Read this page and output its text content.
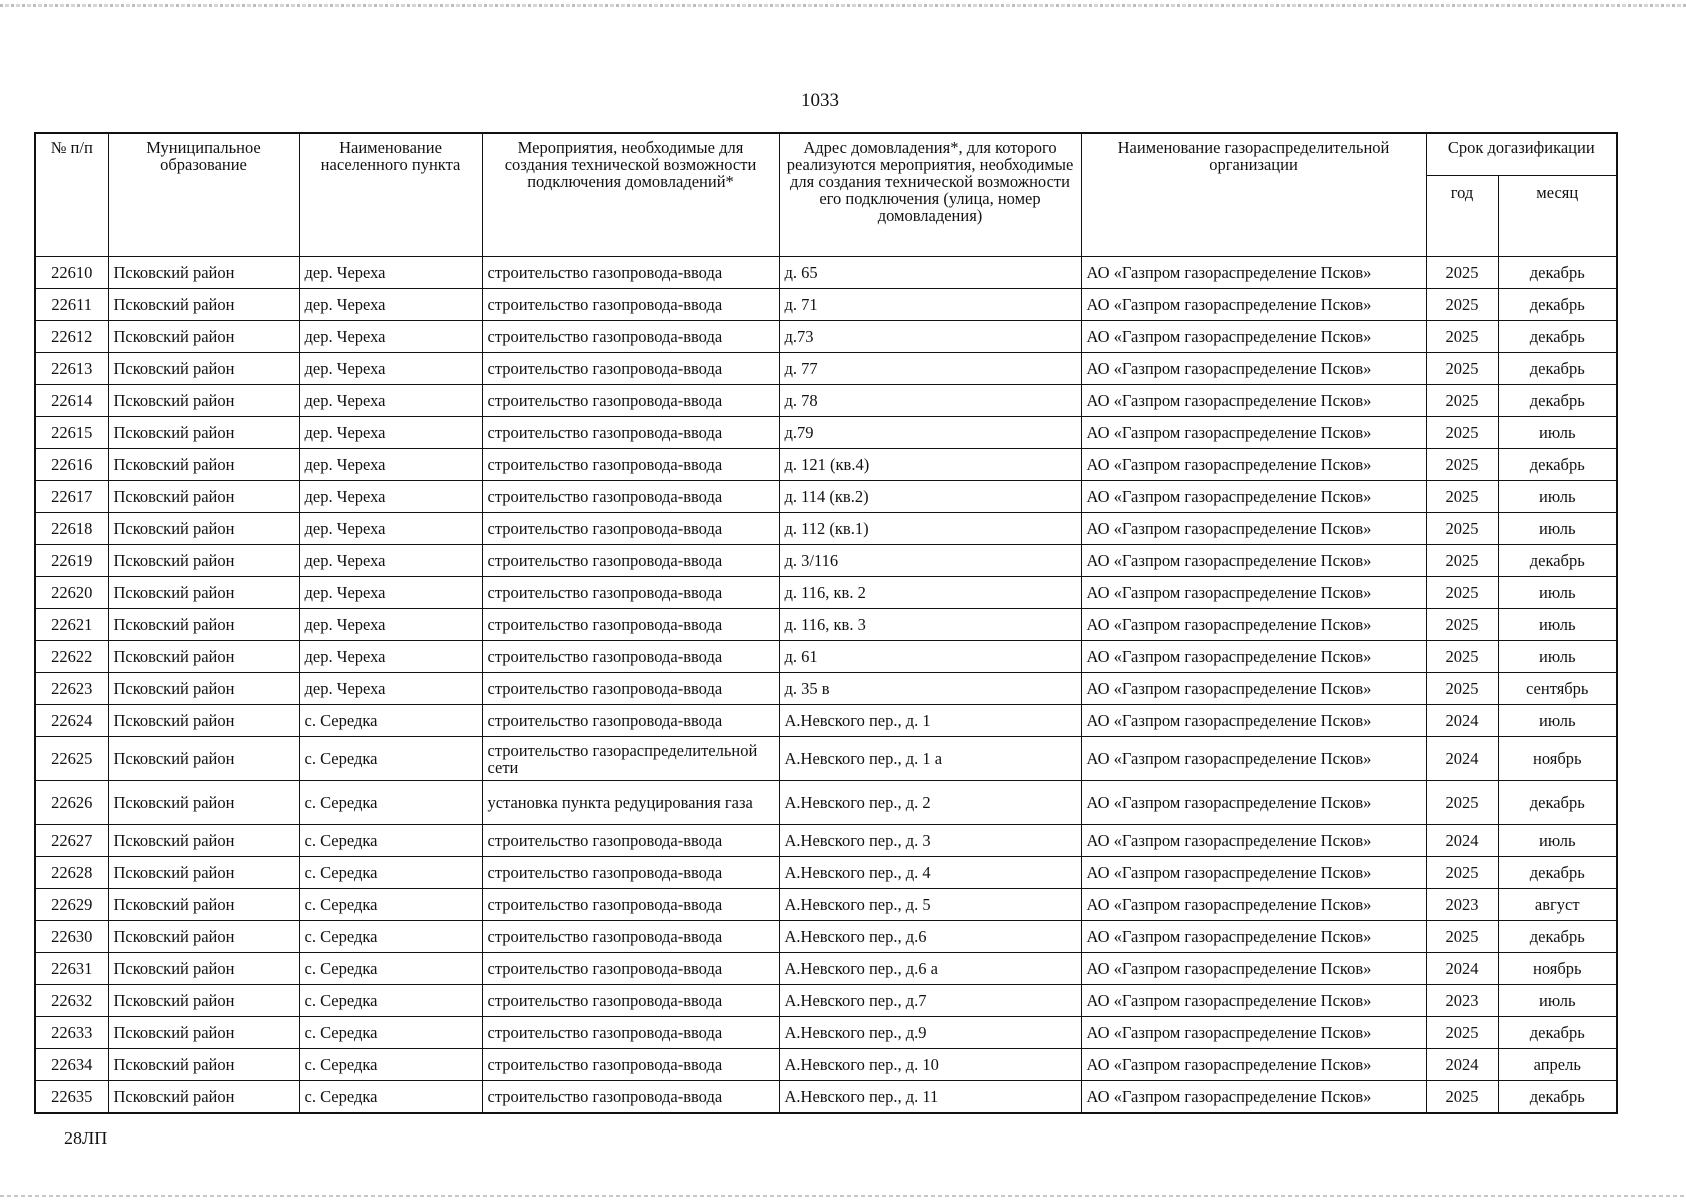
1033
№ п/п	Муниципальное образование	Наименование населенного пункта	Мероприятия, необходимые для создания технической возможности подключения домовладений*	Адрес домовладения*, для которого реализуются мероприятия, необходимые для создания технической возможности его подключения (улица, номер домовладения)	Наименование газораспределительной организации	Срок догазификации	
						год	месяц
22610	Псковский район	дер. Череха	строительство газопровода-ввода	д. 65	АО «Газпром газораспределение Псков»	2025	декабрь
22611	Псковский район	дер. Череха	строительство газопровода-ввода	д. 71	АО «Газпром газораспределение Псков»	2025	декабрь
22612	Псковский район	дер. Череха	строительство газопровода-ввода	д.73	АО «Газпром газораспределение Псков»	2025	декабрь
22613	Псковский район	дер. Череха	строительство газопровода-ввода	д. 77	АО «Газпром газораспределение Псков»	2025	декабрь
22614	Псковский район	дер. Череха	строительство газопровода-ввода	д. 78	АО «Газпром газораспределение Псков»	2025	декабрь
22615	Псковский район	дер. Череха	строительство газопровода-ввода	д.79	АО «Газпром газораспределение Псков»	2025	июль
22616	Псковский район	дер. Череха	строительство газопровода-ввода	д. 121 (кв.4)	АО «Газпром газораспределение Псков»	2025	декабрь
22617	Псковский район	дер. Череха	строительство газопровода-ввода	д. 114 (кв.2)	АО «Газпром газораспределение Псков»	2025	июль
22618	Псковский район	дер. Череха	строительство газопровода-ввода	д. 112 (кв.1)	АО «Газпром газораспределение Псков»	2025	июль
22619	Псковский район	дер. Череха	строительство газопровода-ввода	д. 3/116	АО «Газпром газораспределение Псков»	2025	декабрь
22620	Псковский район	дер. Череха	строительство газопровода-ввода	д. 116, кв. 2	АО «Газпром газораспределение Псков»	2025	июль
22621	Псковский район	дер. Череха	строительство газопровода-ввода	д. 116, кв. 3	АО «Газпром газораспределение Псков»	2025	июль
22622	Псковский район	дер. Череха	строительство газопровода-ввода	д. 61	АО «Газпром газораспределение Псков»	2025	июль
22623	Псковский район	дер. Череха	строительство газопровода-ввода	д. 35 в	АО «Газпром газораспределение Псков»	2025	сентябрь
22624	Псковский район	с. Середка	строительство газопровода-ввода	А.Невского пер., д. 1	АО «Газпром газораспределение Псков»	2024	июль
22625	Псковский район	с. Середка	строительство газораспределительной сети	А.Невского пер., д. 1 а	АО «Газпром газораспределение Псков»	2024	ноябрь
22626	Псковский район	с. Середка	установка пункта редуцирования газа	А.Невского пер., д. 2	АО «Газпром газораспределение Псков»	2025	декабрь
22627	Псковский район	с. Середка	строительство газопровода-ввода	А.Невского пер., д. 3	АО «Газпром газораспределение Псков»	2024	июль
22628	Псковский район	с. Середка	строительство газопровода-ввода	А.Невского пер., д. 4	АО «Газпром газораспределение Псков»	2025	декабрь
22629	Псковский район	с. Середка	строительство газопровода-ввода	А.Невского пер., д. 5	АО «Газпром газораспределение Псков»	2023	август
22630	Псковский район	с. Середка	строительство газопровода-ввода	А.Невского пер., д.6	АО «Газпром газораспределение Псков»	2025	декабрь
22631	Псковский район	с. Середка	строительство газопровода-ввода	А.Невского пер., д.6 а	АО «Газпром газораспределение Псков»	2024	ноябрь
22632	Псковский район	с. Середка	строительство газопровода-ввода	А.Невского пер., д.7	АО «Газпром газораспределение Псков»	2023	июль
22633	Псковский район	с. Середка	строительство газопровода-ввода	А.Невского пер., д.9	АО «Газпром газораспределение Псков»	2025	декабрь
22634	Псковский район	с. Середка	строительство газопровода-ввода	А.Невского пер., д. 10	АО «Газпром газораспределение Псков»	2024	апрель
22635	Псковский район	с. Середка	строительство газопровода-ввода	А.Невского пер., д. 11	АО «Газпром газораспределение Псков»	2025	декабрь
28ЛП
